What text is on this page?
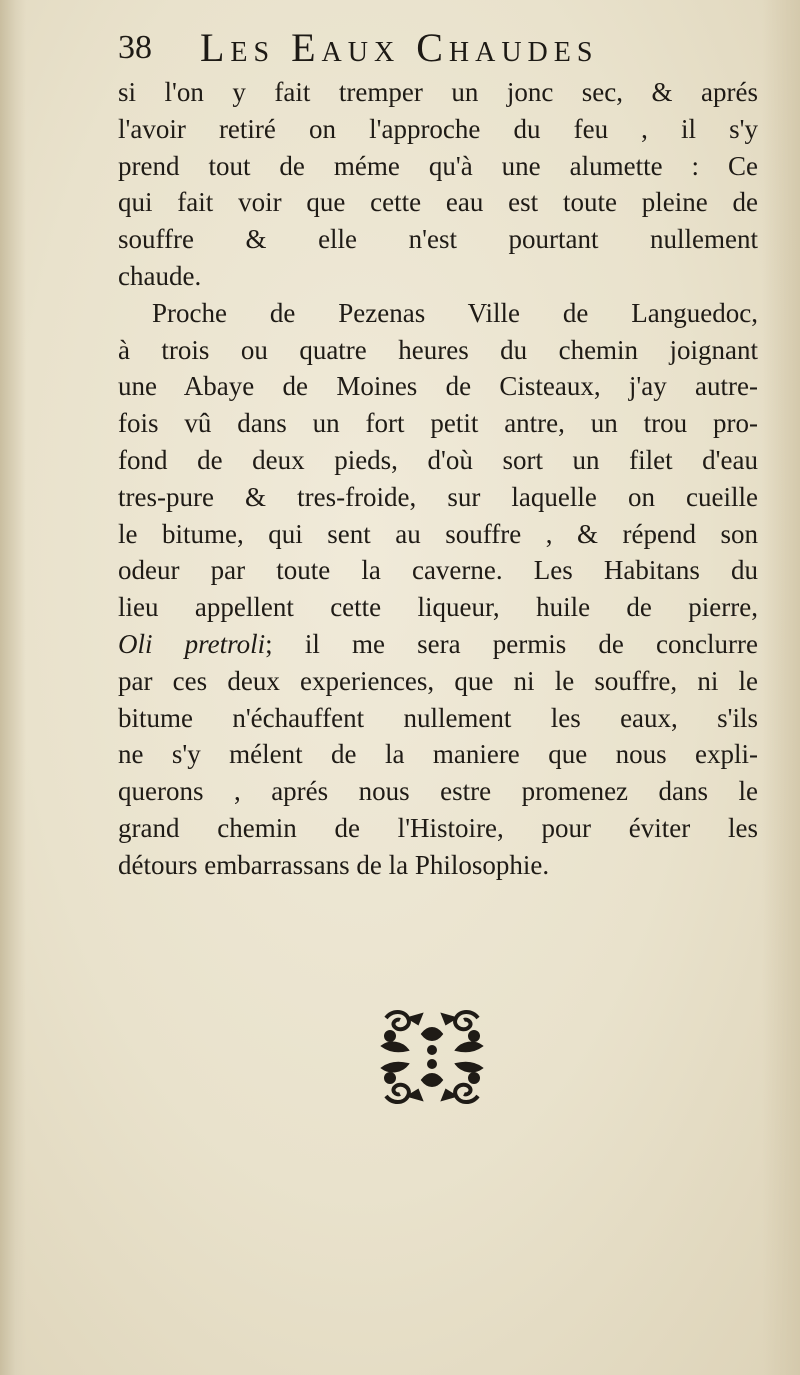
38 Les Eaux Chaudes
si l'on y fait tremper un jonc sec, & aprés
l'avoir retiré on l'approche du feu , il s'y
prend tout de méme qu'à une alumette : Ce
qui fait voir que cette eau est toute pleine de
souffre & elle n'est pourtant nullement
chaude.
Proche de Pezenas Ville de Languedoc,
à trois ou quatre heures du chemin joignant
une Abaye de Moines de Cisteaux, j'ay autre-
fois vû dans un fort petit antre, un trou pro-
fond de deux pieds, d'où sort un filet d'eau
tres-pure & tres-froide, sur laquelle on cueille
le bitume, qui sent au souffre , & répend son
odeur par toute la caverne. Les Habitans du
lieu appellent cette liqueur, huile de pierre,
Oli pretroli; il me sera permis de conclurre
par ces deux experiences, que ni le souffre, ni le
bitume n'échauffent nullement les eaux, s'ils
ne s'y mélent de la maniere que nous expli-
querons , aprés nous estre promenez dans le
grand chemin de l'Histoire, pour éviter les
détours embarrassans de la Philosophie.
